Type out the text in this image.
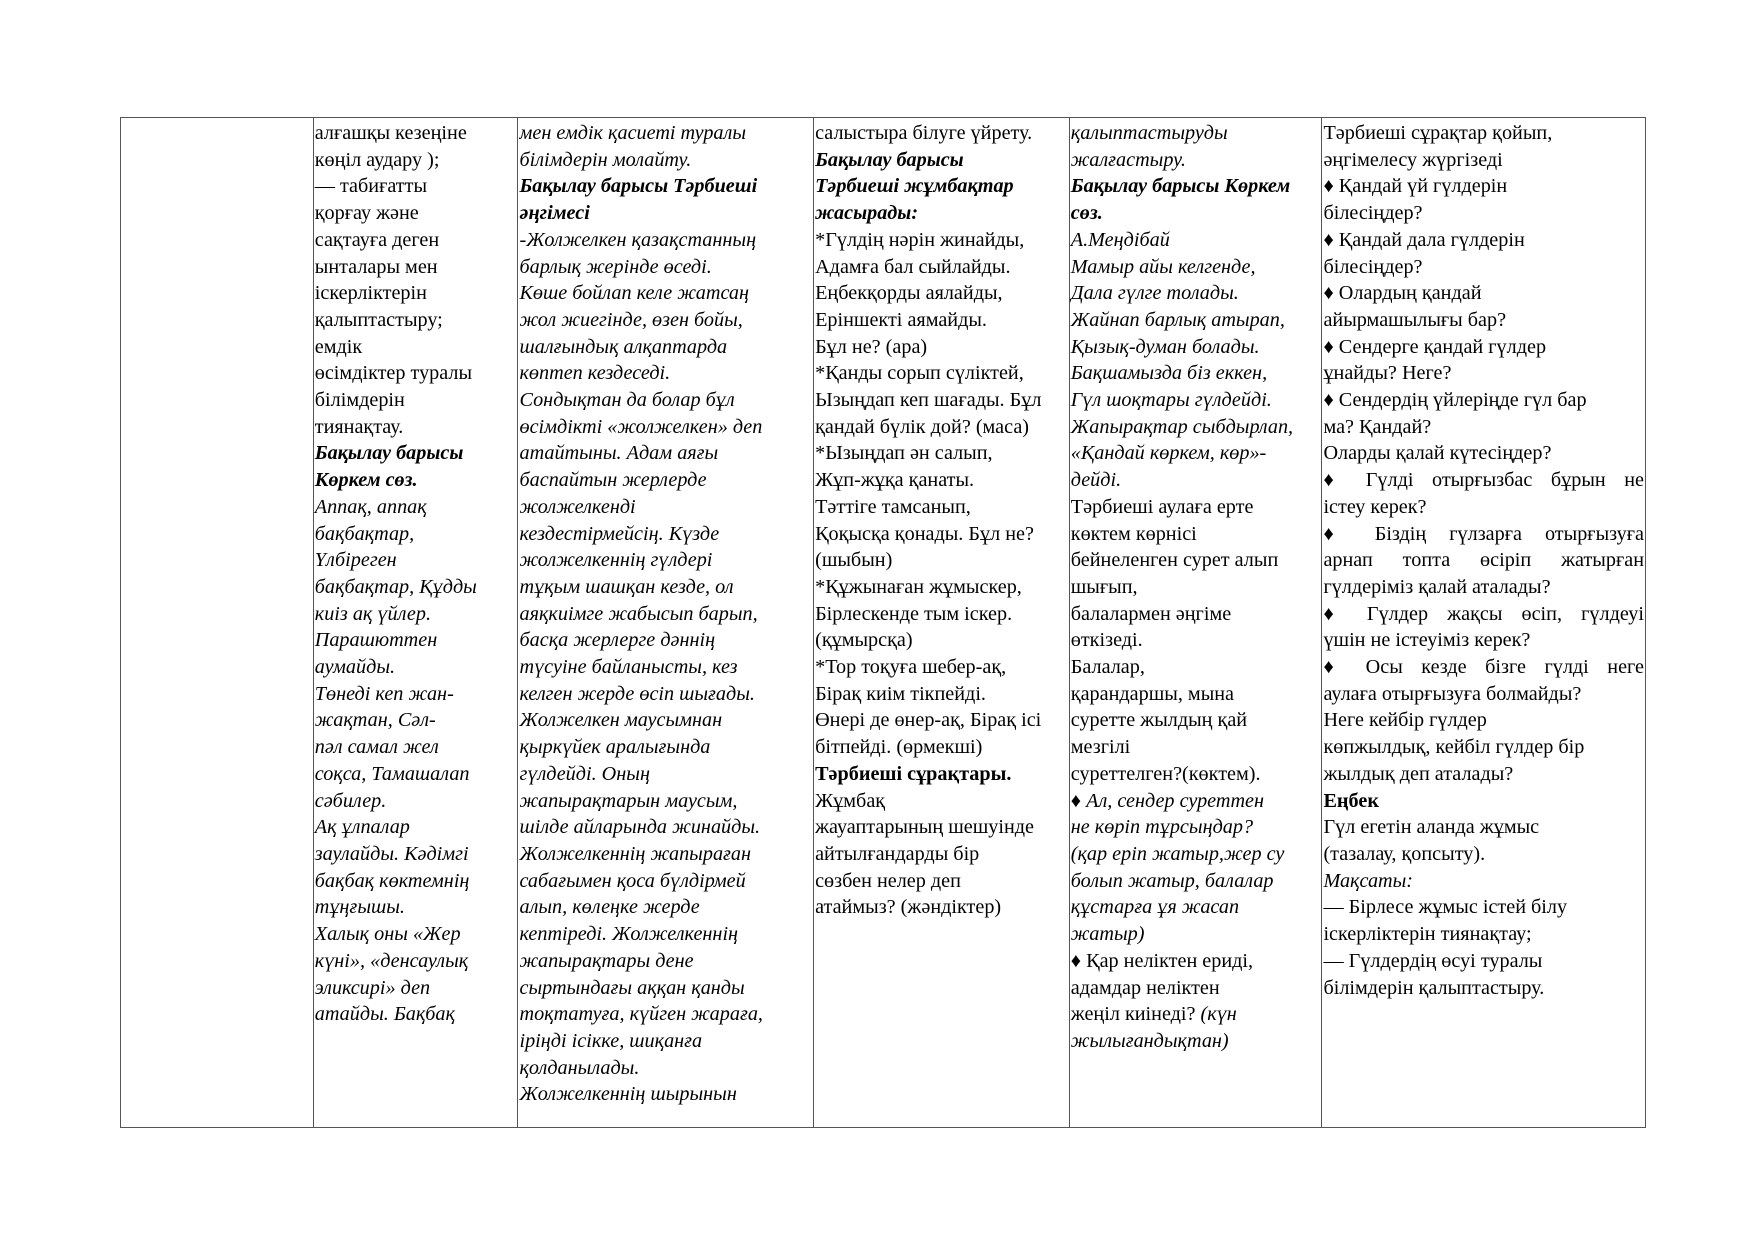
алғашқы кезеңіне
көңіл аудару );
— табиғатты
қорғау және
сақтауға деген
ынталары мен
іскерліктерін
қалыптастыру;
емдік
өсімдіктер туралы
білімдерін
тиянақтау.
Бақылау барысы
Көркем сөз.
Аппақ, аппақ
бақбақтар,
Үлбіреген
бақбақтар, Құдды
киіз ақ үйлер.
Парашюттен
аумайды.
Төнеді кеп жан-
жақтан, Сәл-
пәл самал жел
соқса, Тамашалап
сәбилер.
Ақ ұлпалар
заулайды. Кәдімгі
бақбақ көктемнің
тұңғышы.
Халық оны «Жер
күні», «денсаулық
эликсирі» деп
атайды. Бақбақ
мен емдік қасиеті туралы
білімдерін молайту.
Бақылау барысы Тәрбиеші
әңгімесі
-Жолжелкен қазақстанның
барлық жерінде өседі.
Көше бойлап келе жатсаң
жол жиегінде, өзен бойы,
шалғындық алқаптарда
көптеп кездеседі.
Сондықтан да болар бұл
өсімдікті «жолжелкен» деп
атайтыны. Адам аяғы
баспайтын жерлерде
жолжелкенді
кездестірмейсің. Күзде
жолжелкеннің гүлдері
тұқым шашқан кезде, ол
аяқкиімге жабысып барып,
басқа жерлерге дәннің
түсуіне байланысты, кез
келген жерде өсіп шығады.
Жолжелкен маусымнан
қыркүйек аралығында
гүлдейді. Оның
жапырақтарын маусым,
шілде айларында жинайды.
Жолжелкеннің жапыраған
сабағымен қоса бүлдірмей
алып, көлеңке жерде
кептіреді. Жолжелкеннің
жапырақтары дене
сыртындағы аққан қанды
тоқтатуға, күйген жараға,
іріңді ісікке, шиқанға
қолданылады.
Жолжелкеннің шырынын
салыстыра білуге үйрету.
Бақылау барысы
Тәрбиеші жұмбақтар
жасырады:
*Гүлдің нәрін жинайды,
Адамға бал сыйлайды.
Еңбекқорды аялайды,
Еріншекті аямайды.
Бұл не? (ара)
*Қанды сорып сүліктей,
Ызыңдап кеп шағады. Бұл
қандай бүлік дой? (маса)
*Ызыңдап ән салып,
Жұп-жұқа қанаты.
Тәттіге тамсанып,
Қоқысқа қонады. Бұл не?
(шыбын)
*Құжынаған жұмыскер,
Бірлескенде тым іскер.
(құмырсқа)
*Тор тоқуға шебер-ақ,
Бірақ киім тікпейді.
Өнері де өнер-ақ, Бірақ ісі
бітпейді. (өрмекші)
Тәрбиеші сұрақтары.
Жұмбақ
жауаптарының шешуінде
айтылғандарды бір
сөзбен нелер деп
атаймыз? (жәндіктер)
қалыптастыруды
жалғастыру.
Бақылау барысы Көркем
сөз.
А.Меңдібай
Мамыр айы келгенде,
Дала гүлге толады.
Жайнап барлық атырап,
Қызық-думан болады.
Бақшамызда біз еккен,
Гүл шоқтары гүлдейді.
Жапырақтар сыбдырлап,
«Қандай көркем, көр»-
дейді.
Тәрбиеші аулаға ерте
көктем көрнісі
бейнеленген сурет алып
шығып,
балалармен әңгіме
өткізеді.
Балалар,
қарандаршы, мына
суретте жылдың қай
мезгілі
суреттелген?(көктем).
♦ Ал, сендер суреттен
не көріп тұрсыңдар?
(қар еріп жатыр,жер су
болып жатыр, балалар
құстарға ұя жасап
жатыр)
♦ Қар неліктен ериді,
адамдар неліктен
жеңіл киінеді? (күн
жылығандықтан)
Тәрбиеші сұрақтар қойып,
әңгімелесу жүргізеді
♦ Қандай үй гүлдерін
білесіңдер?
♦ Қандай дала гүлдерін
білесіңдер?
♦ Олардың қандай
айырмашылығы бар?
♦ Сендерге қандай гүлдер
ұнайды? Неге?
♦ Сендердің үйлеріңде гүл бар
ма? Қандай?
Оларды қалай күтесіңдер?
♦ Гүлді отырғызбас бұрын не
істеу керек?
♦ Біздің гүлзарға отырғызуға
арнап топта өсіріп жатырған
гүлдеріміз қалай аталады?
♦ Гүлдер жақсы өсіп, гүлдеуі
үшін не істеуіміз керек?
♦ Осы кезде бізге гүлді неге
аулаға отырғызуға болмайды?
Неге кейбір гүлдер
көпжылдық, кейбіл гүлдер бір
жылдық деп аталады?
Еңбек
Гүл егетін аланда жұмыс
(тазалау, қопсыту).
Мақсаты:
— Бірлесе жұмыс істей білу
іскерліктерін тиянақтау;
— Гүлдердің өсуі туралы
білімдерін қалыптастыру.
